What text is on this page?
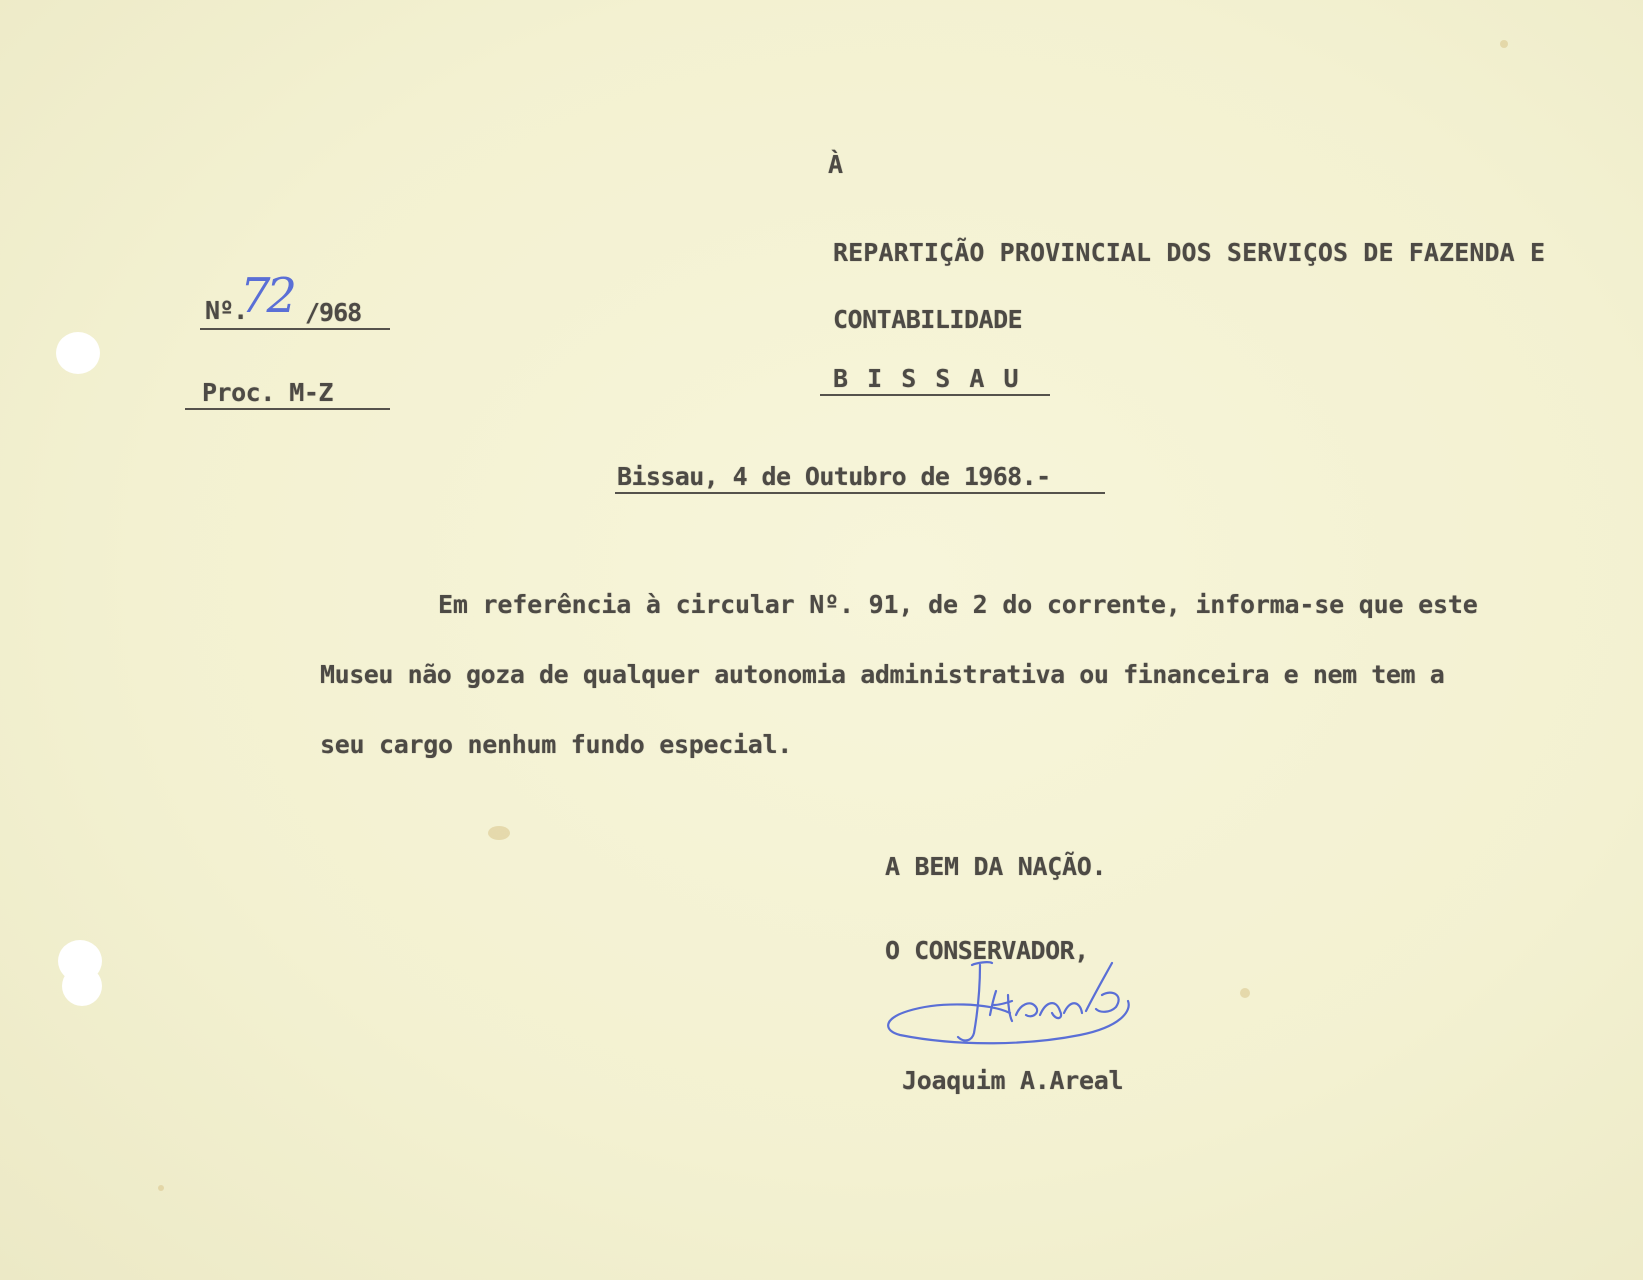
À
REPARTIÇÃO PROVINCIAL DOS SERVIÇOS DE FAZENDA E
CONTABILIDADE
B I S S A U
Nº.
72 /968
Proc. M-Z
Bissau, 4 de Outubro de 1968.-

Em referência à circular Nº. 91, de 2 do corrente, informa-se que este

Museu não goza de qualquer autonomia administrativa ou financeira e nem tem a

seu cargo nenhum fundo especial.

A BEM DA NAÇÃO.
O CONSERVADOR,
Joaquim A.Areal
